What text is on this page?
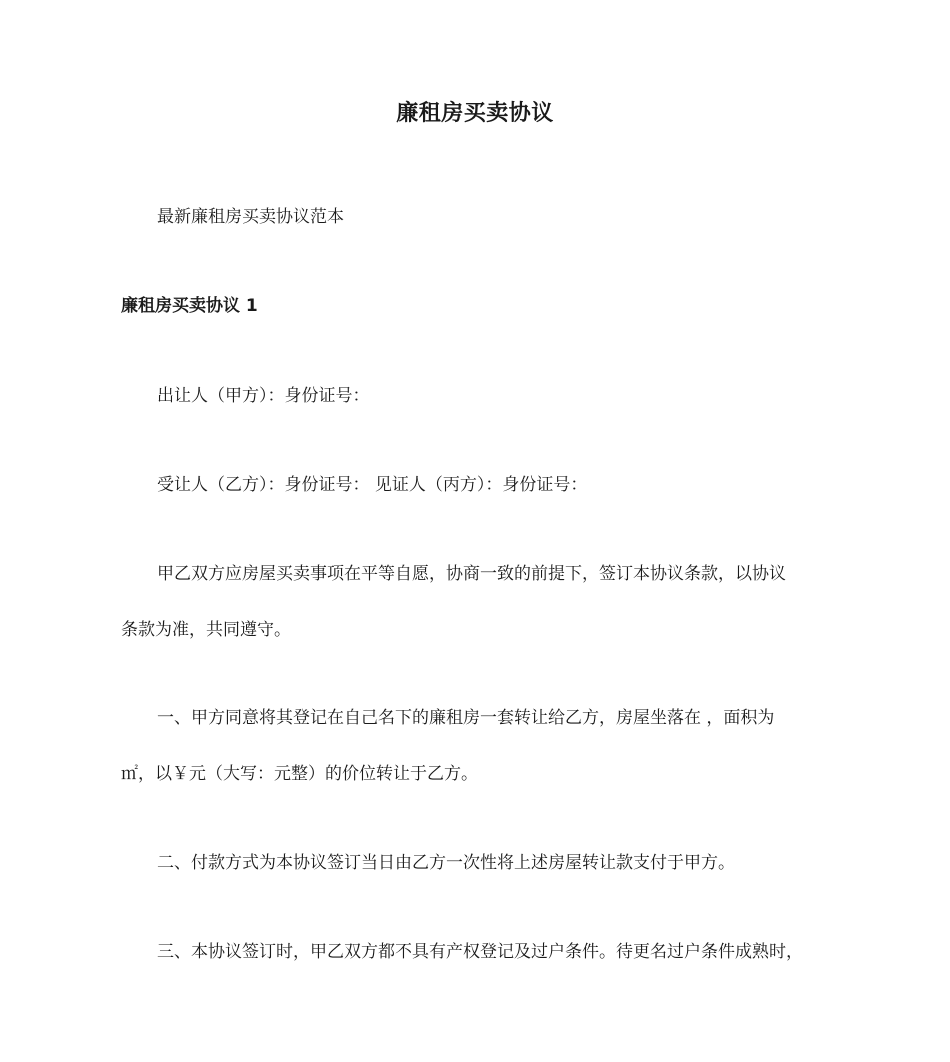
廉租房买卖协议
最新廉租房买卖协议范本
廉租房买卖协议 1
出让人（甲方）：身份证号：
受让人（乙方）：身份证号： 见证人（丙方）：身份证号：
甲乙双方应房屋买卖事项在平等自愿，协商一致的前提下，签订本协议条款，以协议
条款为准，共同遵守。
一、甲方同意将其登记在自己名下的廉租房一套转让给乙方，房屋坐落在 ，面积为
㎡，以￥元（大写：元整）的价位转让于乙方。
二、付款方式为本协议签订当日由乙方一次性将上述房屋转让款支付于甲方。
三、本协议签订时，甲乙双方都不具有产权登记及过户条件。待更名过户条件成熟时，
